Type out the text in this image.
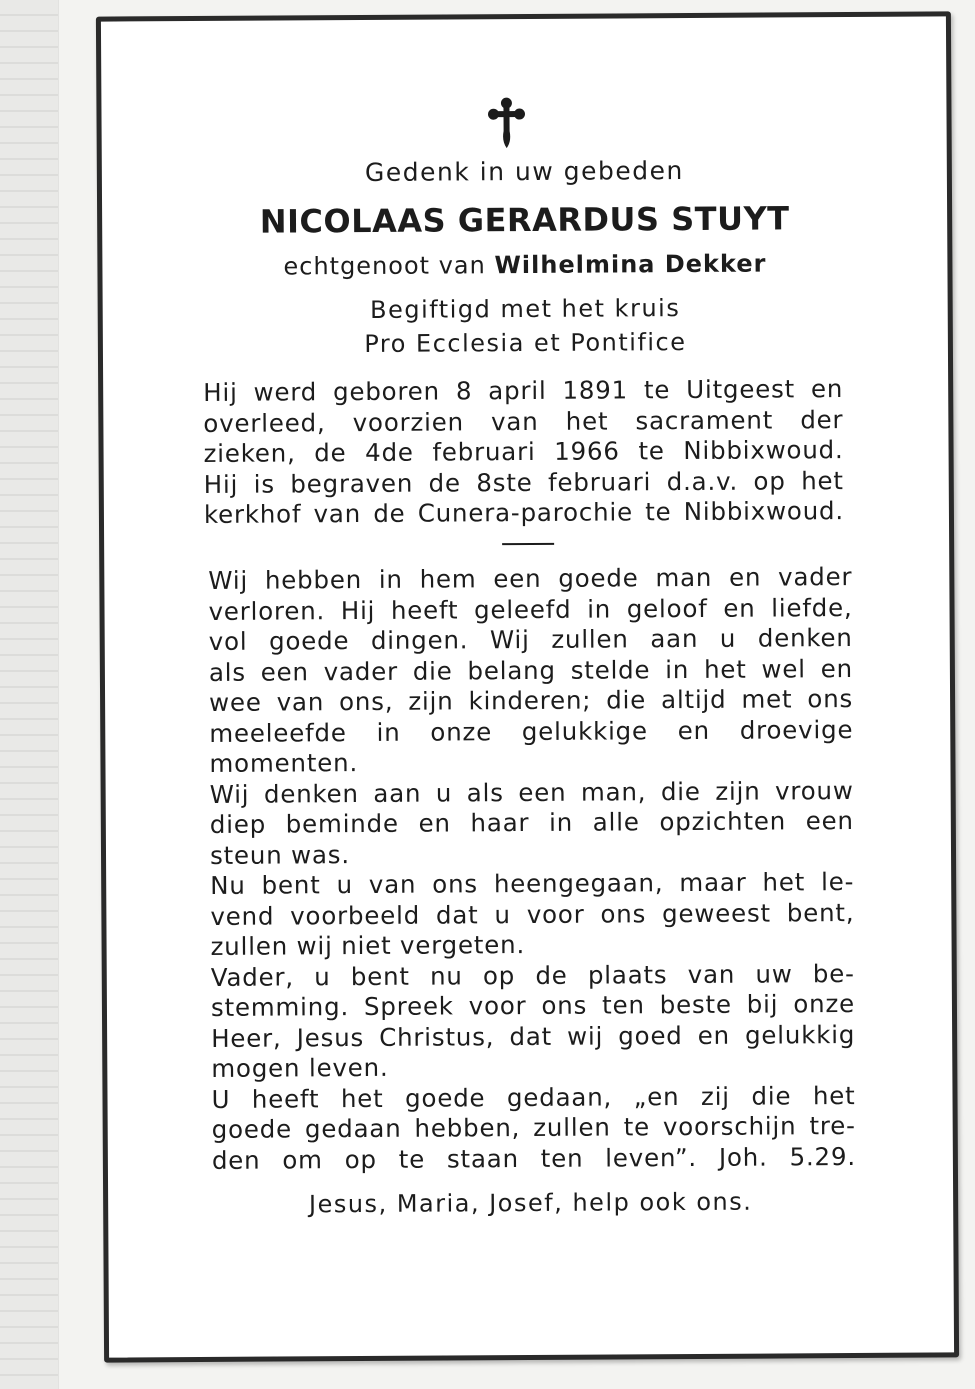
Gedenk in uw gebeden
NICOLAAS GERARDUS STUYT
echtgenoot van Wilhelmina Dekker
Begiftigd met het kruis
Pro Ecclesia et Pontifice
Hij werd geboren 8 april 1891 te Uitgeest en
overleed, voorzien van het sacrament der
zieken, de 4de februari 1966 te Nibbixwoud.
Hij is begraven de 8ste februari d.a.v. op het
kerkhof van de Cunera-parochie te Nibbixwoud.
Wij hebben in hem een goede man en vader
verloren. Hij heeft geleefd in geloof en liefde,
vol goede dingen. Wij zullen aan u denken
als een vader die belang stelde in het wel en
wee van ons, zijn kinderen; die altijd met ons
meeleefde in onze gelukkige en droevige
momenten.
Wij denken aan u als een man, die zijn vrouw
diep beminde en haar in alle opzichten een
steun was.
Nu bent u van ons heengegaan, maar het le-
vend voorbeeld dat u voor ons geweest bent,
zullen wij niet vergeten.
Vader, u bent nu op de plaats van uw be-
stemming. Spreek voor ons ten beste bij onze
Heer, Jesus Christus, dat wij goed en gelukkig
mogen leven.
U heeft het goede gedaan, „en zij die het
goede gedaan hebben, zullen te voorschijn tre-
den om op te staan ten leven”. Joh. 5.29.
Jesus, Maria, Josef, help ook ons.
